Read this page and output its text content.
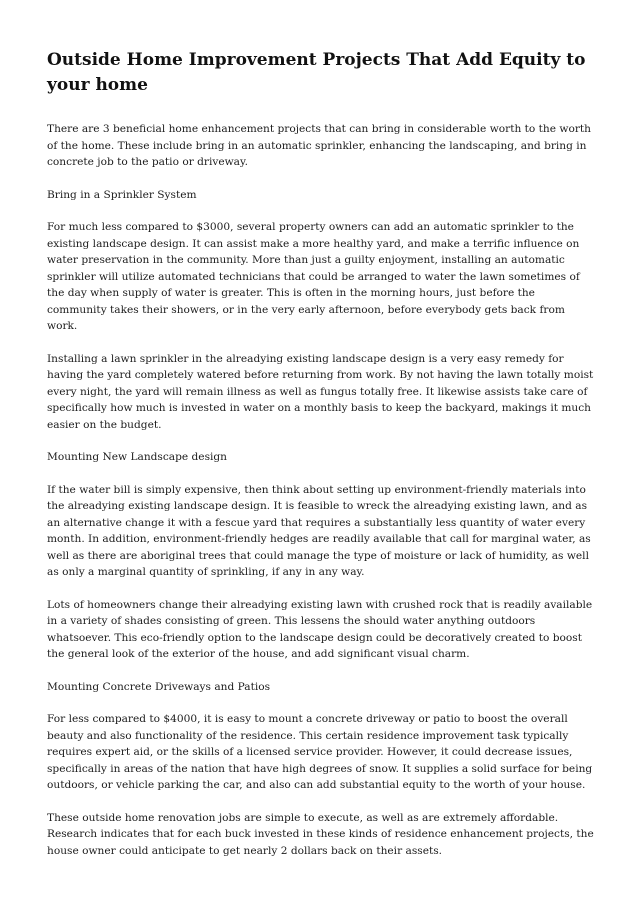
Outside Home Improvement Projects That Add Equity to your home

There are 3 beneficial home enhancement projects that can bring in considerable worth to the worth of the home. These include bring in an automatic sprinkler, enhancing the landscaping, and bring in concrete job to the patio or driveway.

Bring in a Sprinkler System

For much less compared to $3000, several property owners can add an automatic sprinkler to the existing landscape design. It can assist make a more healthy yard, and make a terrific influence on water preservation in the community. More than just a guilty enjoyment, installing an automatic sprinkler will utilize automated technicians that could be arranged to water the lawn sometimes of the day when supply of water is greater. This is often in the morning hours, just before the community takes their showers, or in the very early afternoon, before everybody gets back from work.

Installing a lawn sprinkler in the alreadying existing landscape design is a very easy remedy for having the yard completely watered before returning from work. By not having the lawn totally moist every night, the yard will remain illness as well as fungus totally free. It likewise assists take care of specifically how much is invested in water on a monthly basis to keep the backyard, makings it much easier on the budget.

Mounting New Landscape design

If the water bill is simply expensive, then think about setting up environment-friendly materials into the alreadying existing landscape design. It is feasible to wreck the alreadying existing lawn, and as an alternative change it with a fescue yard that requires a substantially less quantity of water every month. In addition, environment-friendly hedges are readily available that call for marginal water, as well as there are aboriginal trees that could manage the type of moisture or lack of humidity, as well as only a marginal quantity of sprinkling, if any in any way.

Lots of homeowners change their alreadying existing lawn with crushed rock that is readily available in a variety of shades consisting of green. This lessens the should water anything outdoors whatsoever. This eco-friendly option to the landscape design could be decoratively created to boost the general look of the exterior of the house, and add significant visual charm.

Mounting Concrete Driveways and Patios

For less compared to $4000, it is easy to mount a concrete driveway or patio to boost the overall beauty and also functionality of the residence. This certain residence improvement task typically requires expert aid, or the skills of a licensed service provider. However, it could decrease issues, specifically in areas of the nation that have high degrees of snow. It supplies a solid surface for being outdoors, or vehicle parking the car, and also can add substantial equity to the worth of your house.

These outside home renovation jobs are simple to execute, as well as are extremely affordable. Research indicates that for each buck invested in these kinds of residence enhancement projects, the house owner could anticipate to get nearly 2 dollars back on their assets.
